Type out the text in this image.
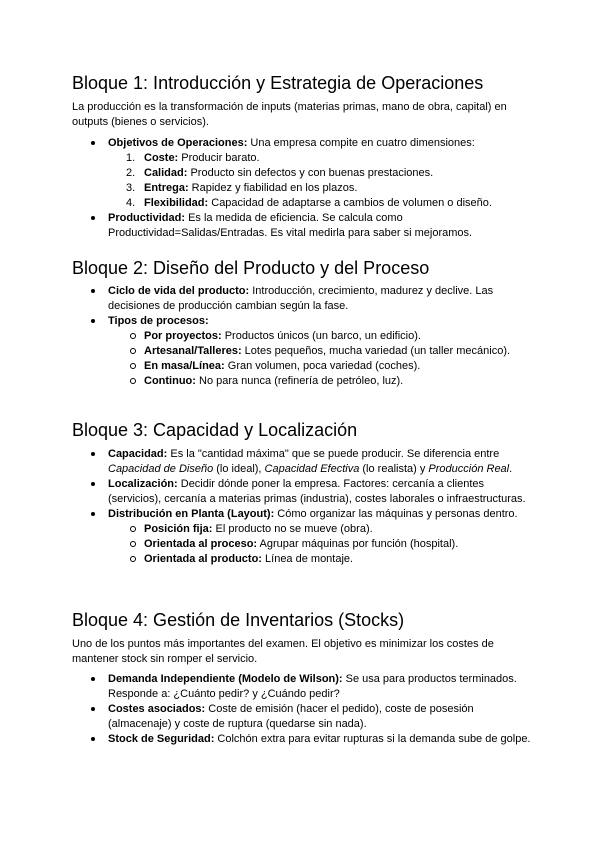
Bloque 1: Introducción y Estrategia de Operaciones

La producción es la transformación de inputs (materias primas, mano de obra, capital) en outputs (bienes o servicios).

Objetivos de Operaciones: Una empresa compite en cuatro dimensiones:
1. Coste: Producir barato.
2. Calidad: Producto sin defectos y con buenas prestaciones.
3. Entrega: Rapidez y fiabilidad en los plazos.
4. Flexibilidad: Capacidad de adaptarse a cambios de volumen o diseño.
Productividad: Es la medida de eficiencia. Se calcula como Productividad=Salidas/Entradas. Es vital medirla para saber si mejoramos.
Bloque 2: Diseño del Producto y del Proceso
Ciclo de vida del producto: Introducción, crecimiento, madurez y declive. Las decisiones de producción cambian según la fase.
Tipos de procesos:
Por proyectos: Productos únicos (un barco, un edificio).
Artesanal/Talleres: Lotes pequeños, mucha variedad (un taller mecánico).
En masa/Línea: Gran volumen, poca variedad (coches).
Continuo: No para nunca (refinería de petróleo, luz).
Bloque 3: Capacidad y Localización
Capacidad: Es la "cantidad máxima" que se puede producir. Se diferencia entre Capacidad de Diseño (lo ideal), Capacidad Efectiva (lo realista) y Producción Real.
Localización: Decidir dónde poner la empresa. Factores: cercanía a clientes (servicios), cercanía a materias primas (industria), costes laborales o infraestructuras.
Distribución en Planta (Layout): Cómo organizar las máquinas y personas dentro.
Posición fija: El producto no se mueve (obra).
Orientada al proceso: Agrupar máquinas por función (hospital).
Orientada al producto: Línea de montaje.
Bloque 4: Gestión de Inventarios (Stocks)

Uno de los puntos más importantes del examen. El objetivo es minimizar los costes de mantener stock sin romper el servicio.

Demanda Independiente (Modelo de Wilson): Se usa para productos terminados. Responde a: ¿Cuánto pedir? y ¿Cuándo pedir?
Costes asociados: Coste de emisión (hacer el pedido), coste de posesión (almacenaje) y coste de ruptura (quedarse sin nada).
Stock de Seguridad: Colchón extra para evitar rupturas si la demanda sube de golpe.
